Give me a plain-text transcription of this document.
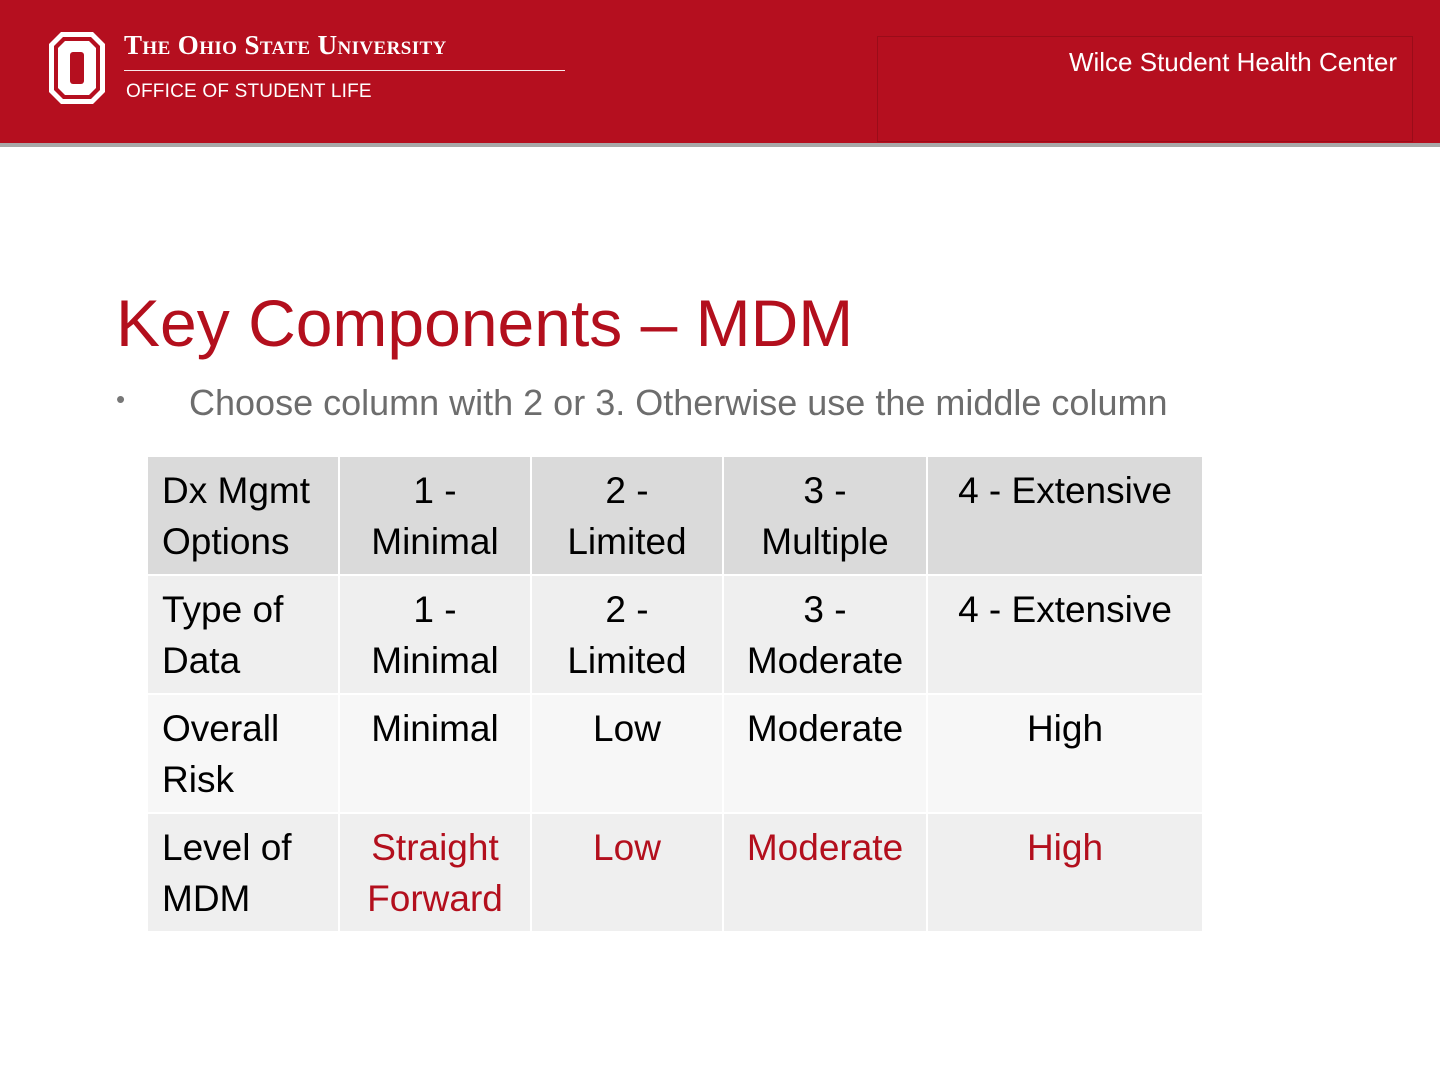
The Ohio State University
OFFICE OF STUDENT LIFE
Wilce Student Health Center
Key Components – MDM
• Choose column with 2 or 3. Otherwise use the middle column
Dx Mgmt Options	1 - Minimal	2 - Limited	3 - Multiple	4 - Extensive
Type of Data	1 - Minimal	2 - Limited	3 - Moderate	4 - Extensive
Overall Risk	Minimal	Low	Moderate	High
Level of MDM	Straight Forward	Low	Moderate	High
